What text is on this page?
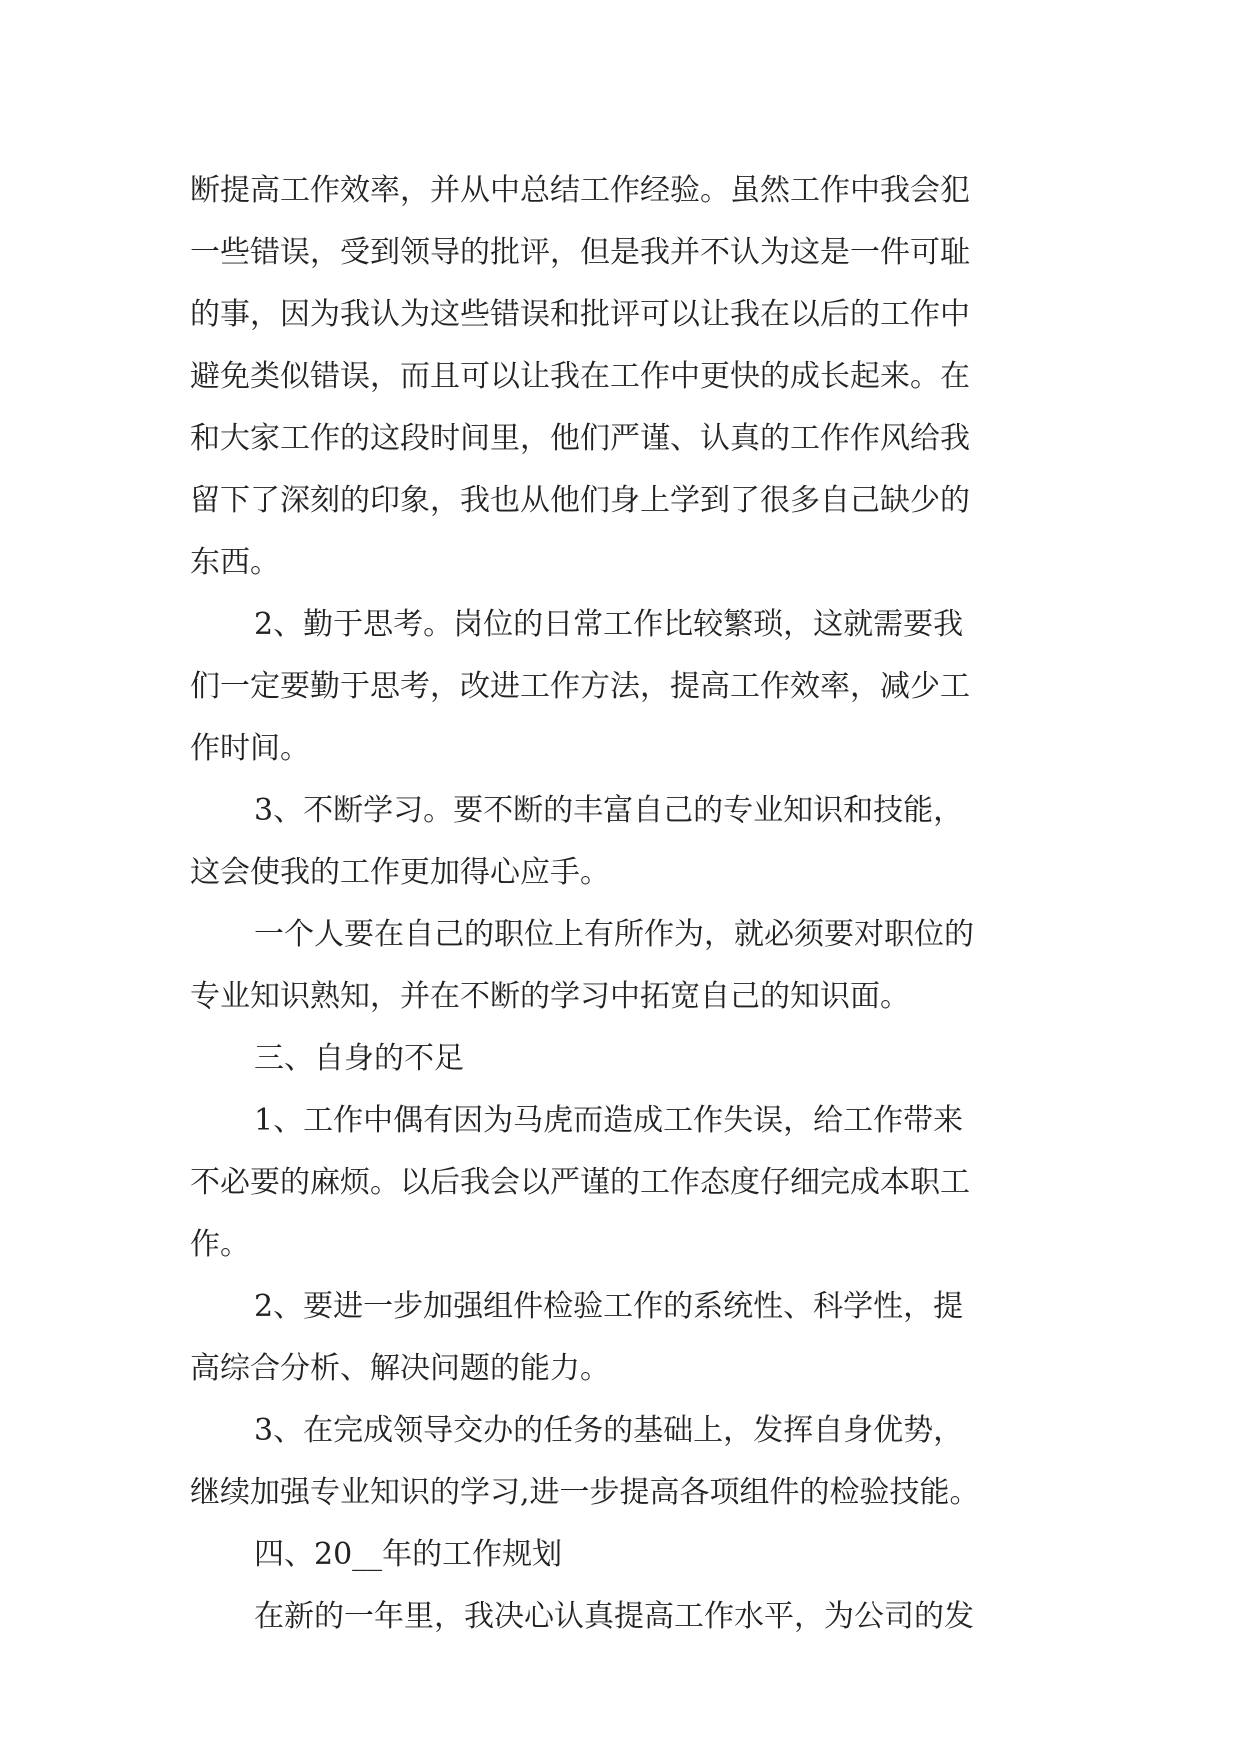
断提高工作效率，并从中总结工作经验。虽然工作中我会犯
一些错误，受到领导的批评，但是我并不认为这是一件可耻
的事，因为我认为这些错误和批评可以让我在以后的工作中
避免类似错误，而且可以让我在工作中更快的成长起来。在
和大家工作的这段时间里，他们严谨、认真的工作作风给我
留下了深刻的印象，我也从他们身上学到了很多自己缺少的
东西。
2、勤于思考。岗位的日常工作比较繁琐，这就需要我
们一定要勤于思考，改进工作方法，提高工作效率，减少工
作时间。
3、不断学习。要不断的丰富自己的专业知识和技能，
这会使我的工作更加得心应手。
一个人要在自己的职位上有所作为，就必须要对职位的
专业知识熟知，并在不断的学习中拓宽自己的知识面。
三、自身的不足
1、工作中偶有因为马虎而造成工作失误，给工作带来
不必要的麻烦。以后我会以严谨的工作态度仔细完成本职工
作。
2、要进一步加强组件检验工作的系统性、科学性，提
高综合分析、解决问题的能力。
3、在完成领导交办的任务的基础上，发挥自身优势，
继续加强专业知识的学习,进一步提高各项组件的检验技能。
四、20__年的工作规划
在新的一年里，我决心认真提高工作水平，为公司的发
